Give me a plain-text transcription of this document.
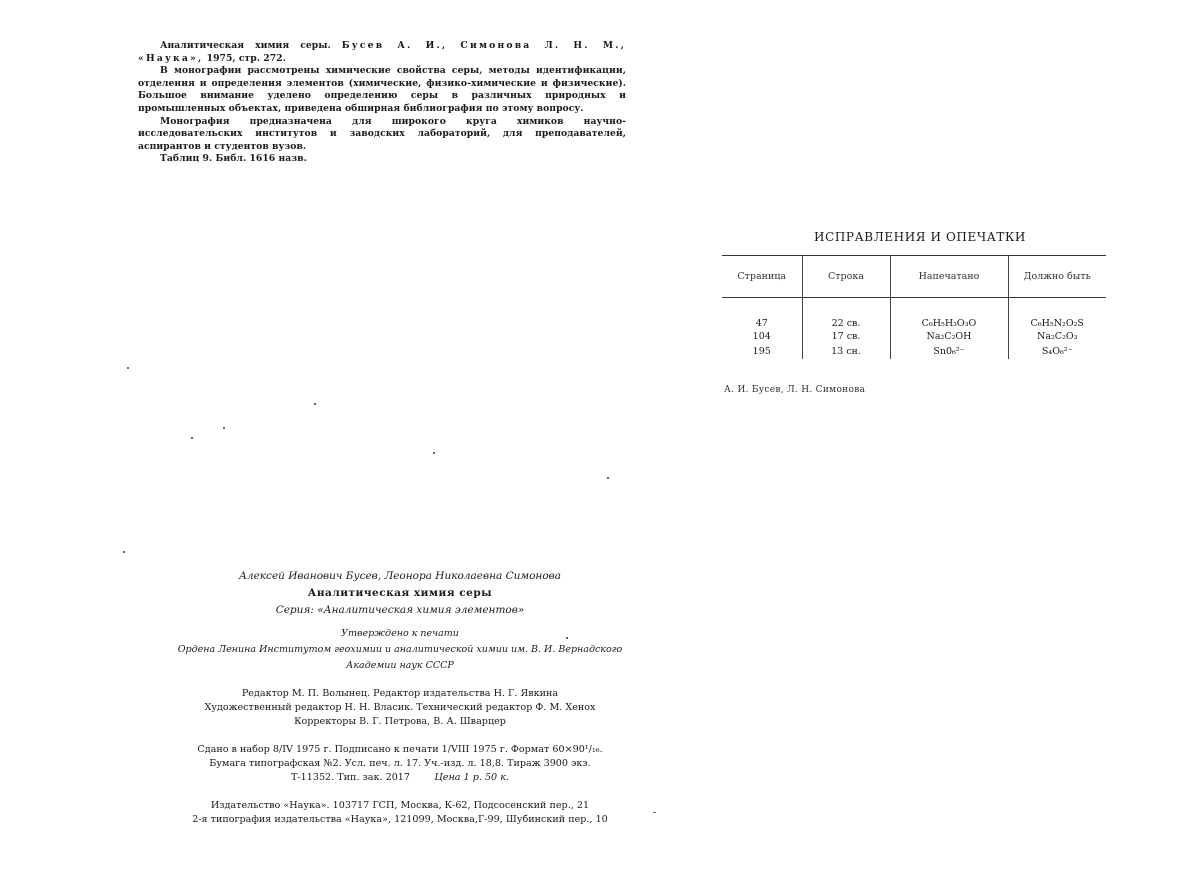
Аналитическая химия серы. Бусев А. И., Симонова Л. Н. М., «Наука», 1975, стр. 272.

В монографии рассмотрены химические свойства серы, методы идентификации, отделения и определения элементов (химические, физико-химические и физические). Большое внимание уделено определению серы в различных природных и промышленных объектах, приведена обширная библиография по этому вопросу.

Монография предназначена для широкого круга химиков научно-исследовательских институтов и заводских лабораторий, для преподавателей, аспирантов и студентов вузов.

Таблиц 9. Библ. 1616 назв.

Алексей Иванович Бусев, Леонора Николаевна Симонова
Аналитическая химия серы
Серия: «Аналитическая химия элементов»
Утверждено к печати
Ордена Ленина Институтом геохимии и аналитической химии им. В. И. Вернадского
Академии наук СССР
Редактор М. П. Волынец. Редактор издательства Н. Г. Явкина
Художественный редактор Н. Н. Власик. Технический редактор Ф. М. Хенох
Корректоры В. Г. Петрова, В. А. Шварцер
Сдано в набор 8/IV 1975 г. Подписано к печати 1/VIII 1975 г. Формат 60×90¹/₁₆.
Бумага типографская №2. Усл. печ. л. 17. Уч.-изд. л. 18,8. Тираж 3900 экз.
Т-11352. Тип. зак. 2017	Цена 1 р. 50 к.
Издательство «Наука». 103717 ГСП, Москва, К-62, Подсосенский пер., 21
2-я типография издательства «Наука», 121099, Москва,Г-99, Шубинский пер., 10
ИСПРАВЛЕНИЯ И ОПЕЧАТКИ
Страница	Строка	Напечатано	Должно быть
47	22 св.	C₆H₅H₃O₃O	C₆H₅N₂O₂S
104	17 св.	Na₂C₂OH	Na₂C₂O₃
195	13 сн.	Sn0₆²⁻	S₄O₆²⁻
А. И. Бусев, Л. Н. Симонова
